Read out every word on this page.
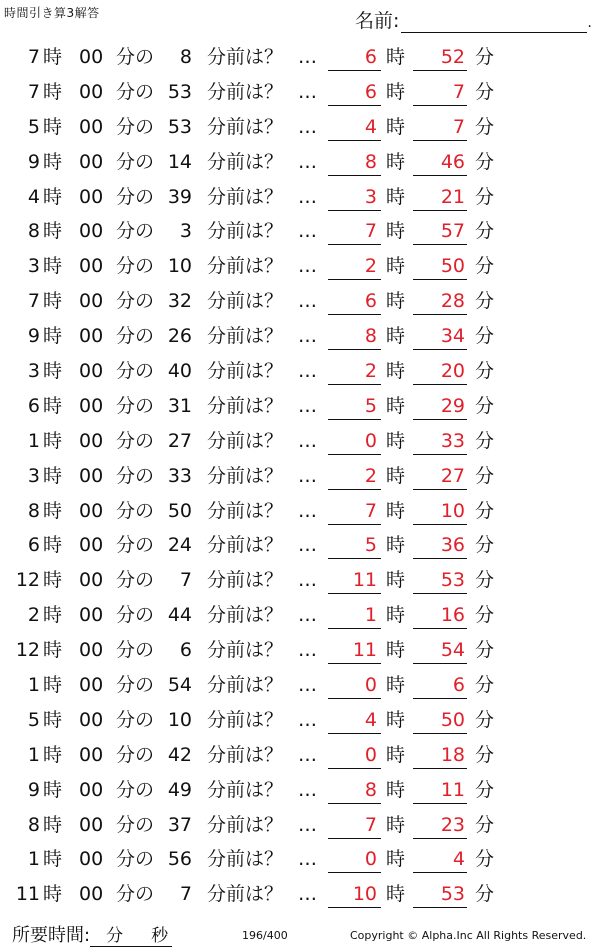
時間引き算3解答	名前:	.
7 時 00 分の	8 分前は？ …	6 時	52 分
7 時 00 分の 53 分前は？ …	6 時	7 分
5 時 00 分の 53 分前は？ …	4 時	7 分
9 時 00 分の 14 分前は？ …	8 時	46 分
4 時 00 分の 39 分前は？ …	3 時	21 分
8 時 00 分の	3 分前は？ …	7 時	57 分
3 時 00 分の 10 分前は？ …	2 時	50 分
7 時 00 分の 32 分前は？ …	6 時	28 分
9 時 00 分の 26 分前は？ …	8 時	34 分
3 時 00 分の 40 分前は？ …	2 時	20 分
6 時 00 分の 31 分前は？ …	5 時	29 分
1 時 00 分の 27 分前は？ …	0 時	33 分
3 時 00 分の 33 分前は？ …	2 時	27 分
8 時 00 分の 50 分前は？ …	7 時	10 分
6 時 00 分の 24 分前は？ …	5 時	36 分
12 時 00 分の	7 分前は？ …	11 時	53 分
2 時 00 分の 44 分前は？ …	1 時	16 分
12 時 00 分の	6 分前は？ …	11 時	54 分
1 時 00 分の 54 分前は？ …	0 時	6 分
5 時 00 分の 10 分前は？ …	4 時	50 分
1 時 00 分の 42 分前は？ …	0 時	18 分
9 時 00 分の 49 分前は？ …	8 時	11 分
8 時 00 分の 37 分前は？ …	7 時	23 分
1 時 00 分の 56 分前は？ …	0 時	4 分
11 時 00 分の	7 分前は？ …	10 時	53 分
所要時間: 分 秒	196/400	Copyright © Alpha.Inc All Rights Reserved.
